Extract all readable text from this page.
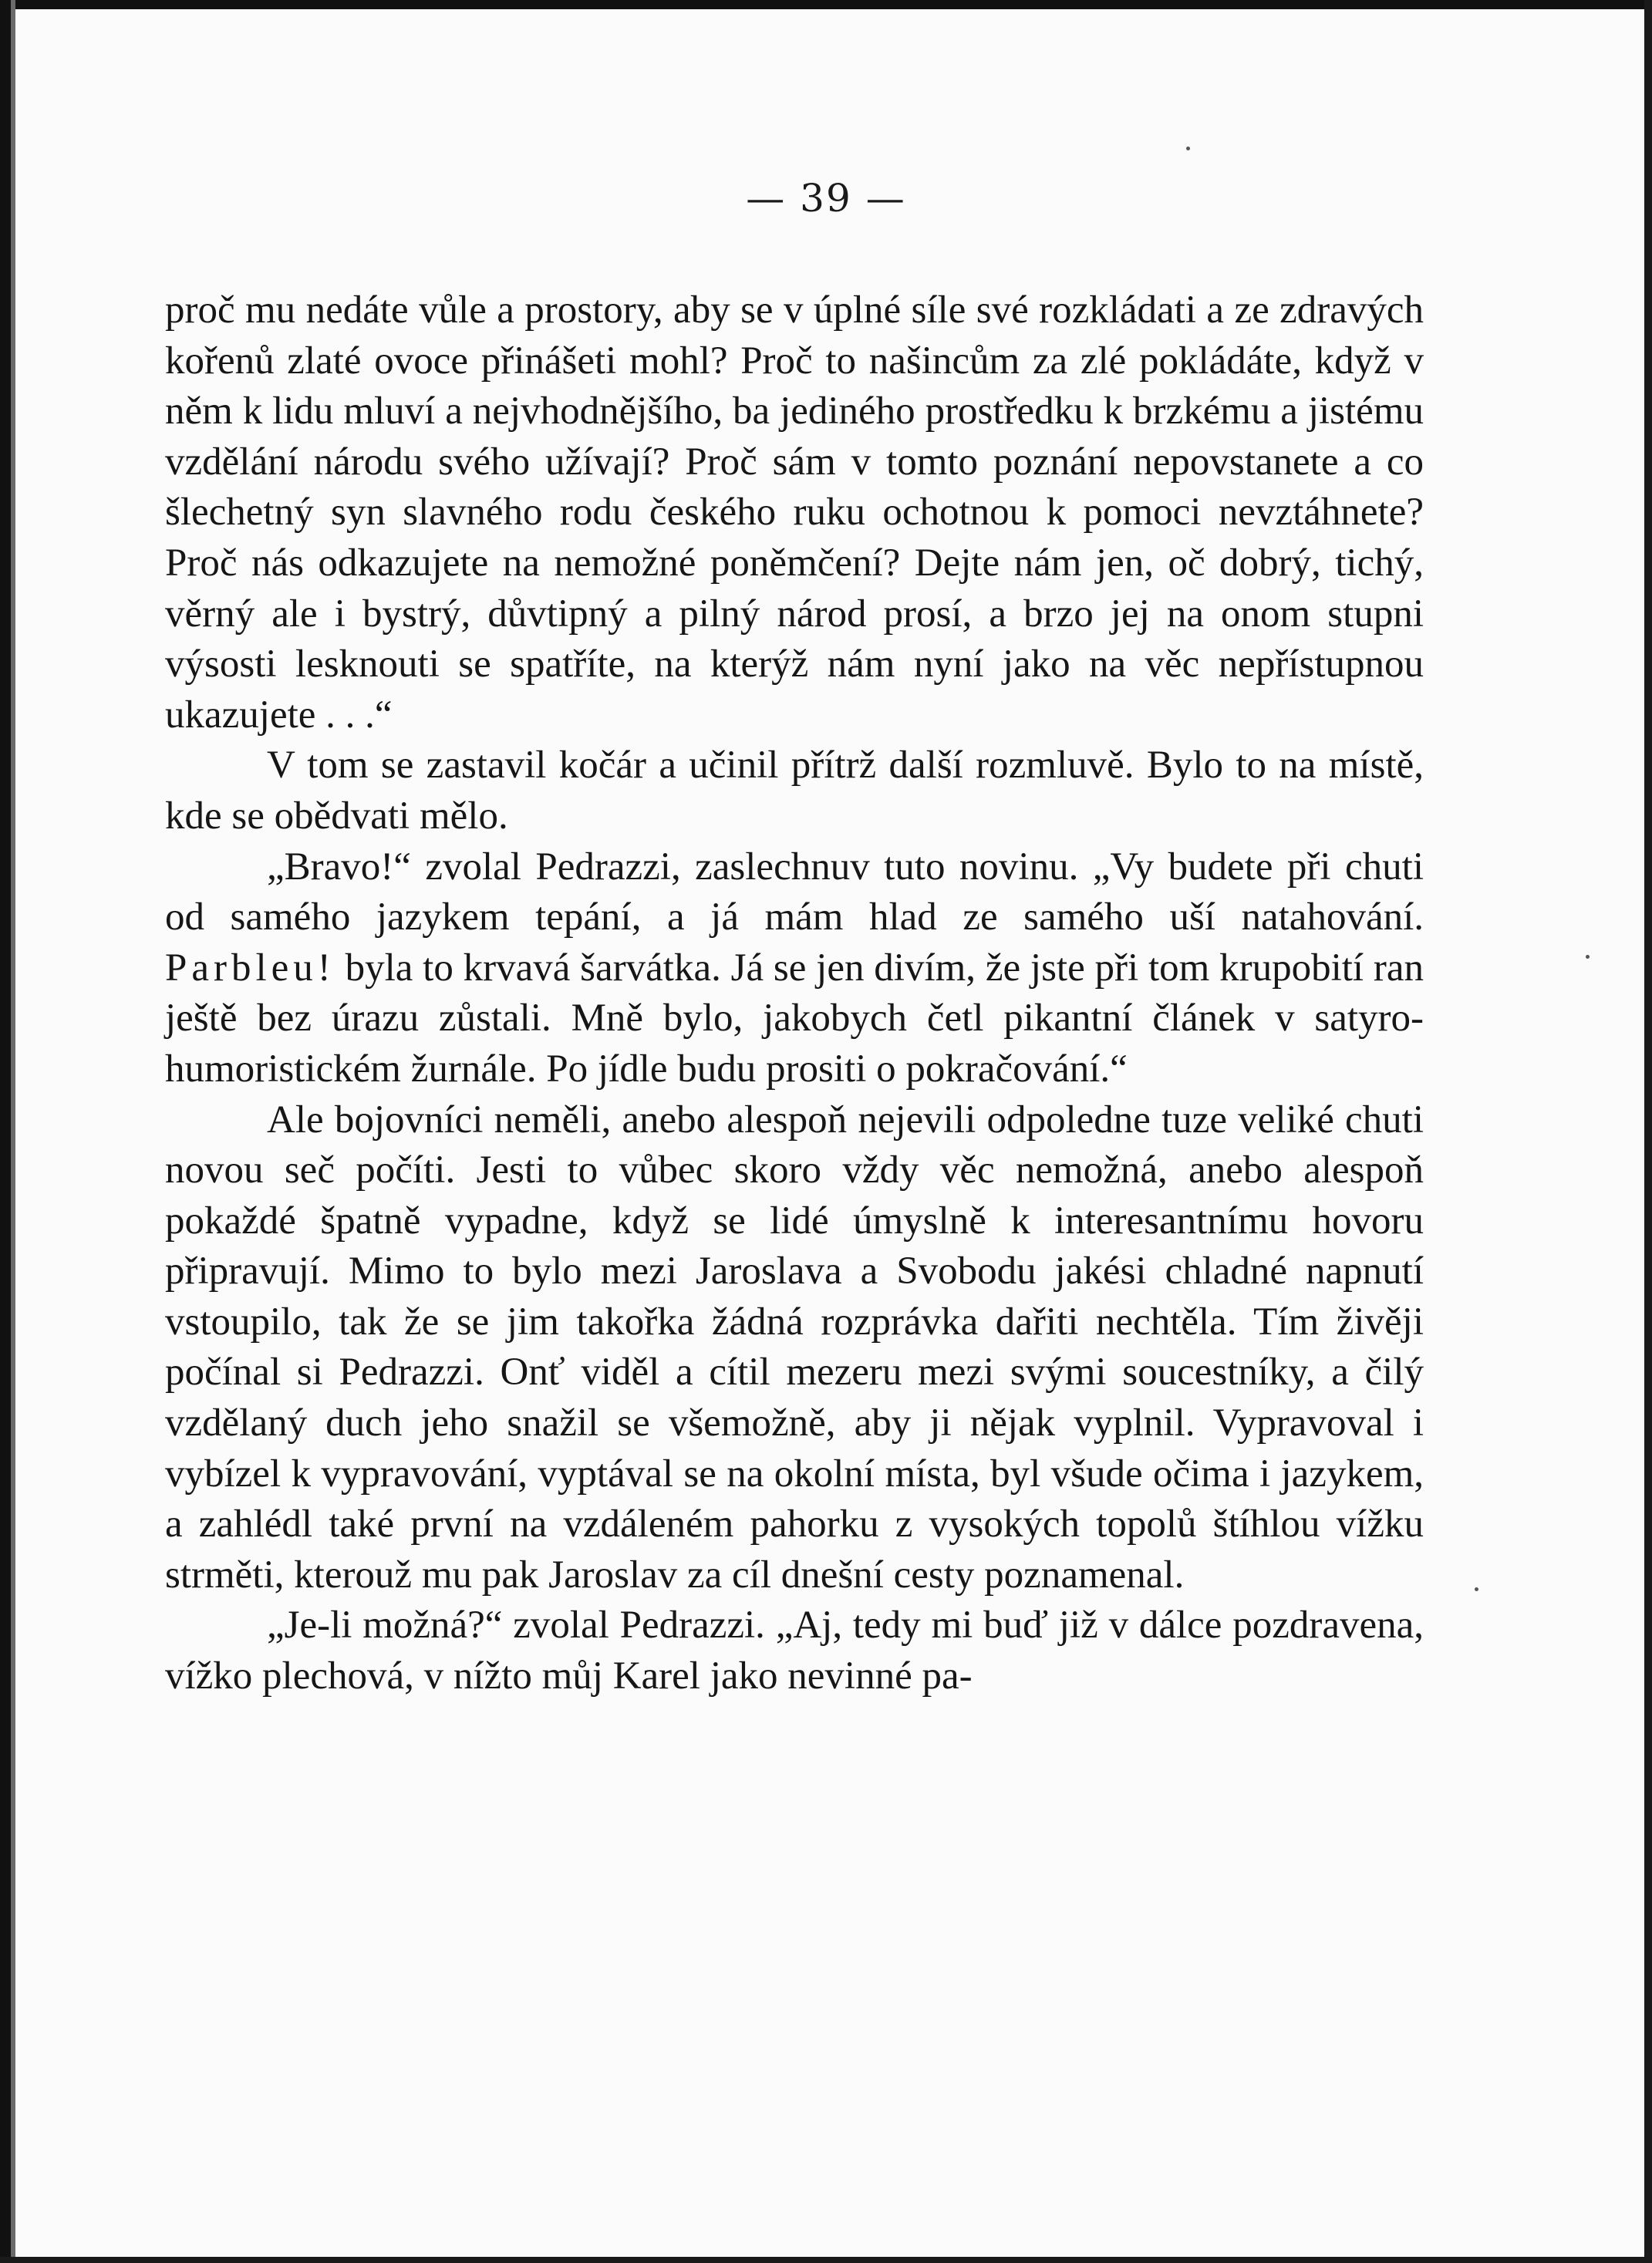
— 39 —

proč mu nedáte vůle a prostory, aby se v úplné síle své rozkládati a ze zdravých kořenů zlaté ovoce přinášeti mohl? Proč to našincům za zlé pokládáte, když v něm k lidu mluví a nejvhodnějšího, ba jediného prostředku k brzkému a jistému vzdělání národu svého užívají? Proč sám v tomto poznání nepovstanete a co šlechetný syn slavného rodu českého ruku ochotnou k pomoci nevztáhnete? Proč nás odkazujete na nemožné poněmčení? Dejte nám jen, oč dobrý, tichý, věrný ale i bystrý, důvtipný a pilný národ prosí, a brzo jej na onom stupni výsosti lesknouti se spatříte, na kterýž nám nyní jako na věc nepřístupnou ukazujete . . .“

V tom se zastavil kočár a učinil přítrž další rozmluvě. Bylo to na místě, kde se obědvati mělo.

„Bravo!“ zvolal Pedrazzi, zaslechnuv tuto novinu. „Vy budete při chuti od samého jazykem tepání, a já mám hlad ze samého uší natahování. Parbleu! byla to krvavá šarvátka. Já se jen divím, že jste při tom krupobití ran ještě bez úrazu zůstali. Mně bylo, jakobych četl pikantní článek v satyro-humoristickém žurnále. Po jídle budu prositi o pokračování.“

Ale bojovníci neměli, anebo alespoň nejevili odpoledne tuze veliké chuti novou seč počíti. Jesti to vůbec skoro vždy věc nemožná, anebo alespoň pokaždé špatně vypadne, když se lidé úmyslně k interesantnímu hovoru připravují. Mimo to bylo mezi Jaroslava a Svobodu jakési chladné napnutí vstoupilo, tak že se jim takořka žádná rozprávka dařiti nechtěla. Tím živěji počínal si Pedrazzi. Onť viděl a cítil mezeru mezi svými soucestníky, a čilý vzdělaný duch jeho snažil se všemožně, aby ji nějak vyplnil. Vypravoval i vybízel k vypravování, vyptával se na okolní místa, byl všude očima i jazykem, a zahlédl také první na vzdáleném pahorku z vysokých topolů štíhlou vížku strměti, kterouž mu pak Jaroslav za cíl dnešní cesty poznamenal.

„Je-li možná?“ zvolal Pedrazzi. „Aj, tedy mi buď již v dálce pozdravena, vížko plechová, v nížto můj Karel jako nevinné pa-
